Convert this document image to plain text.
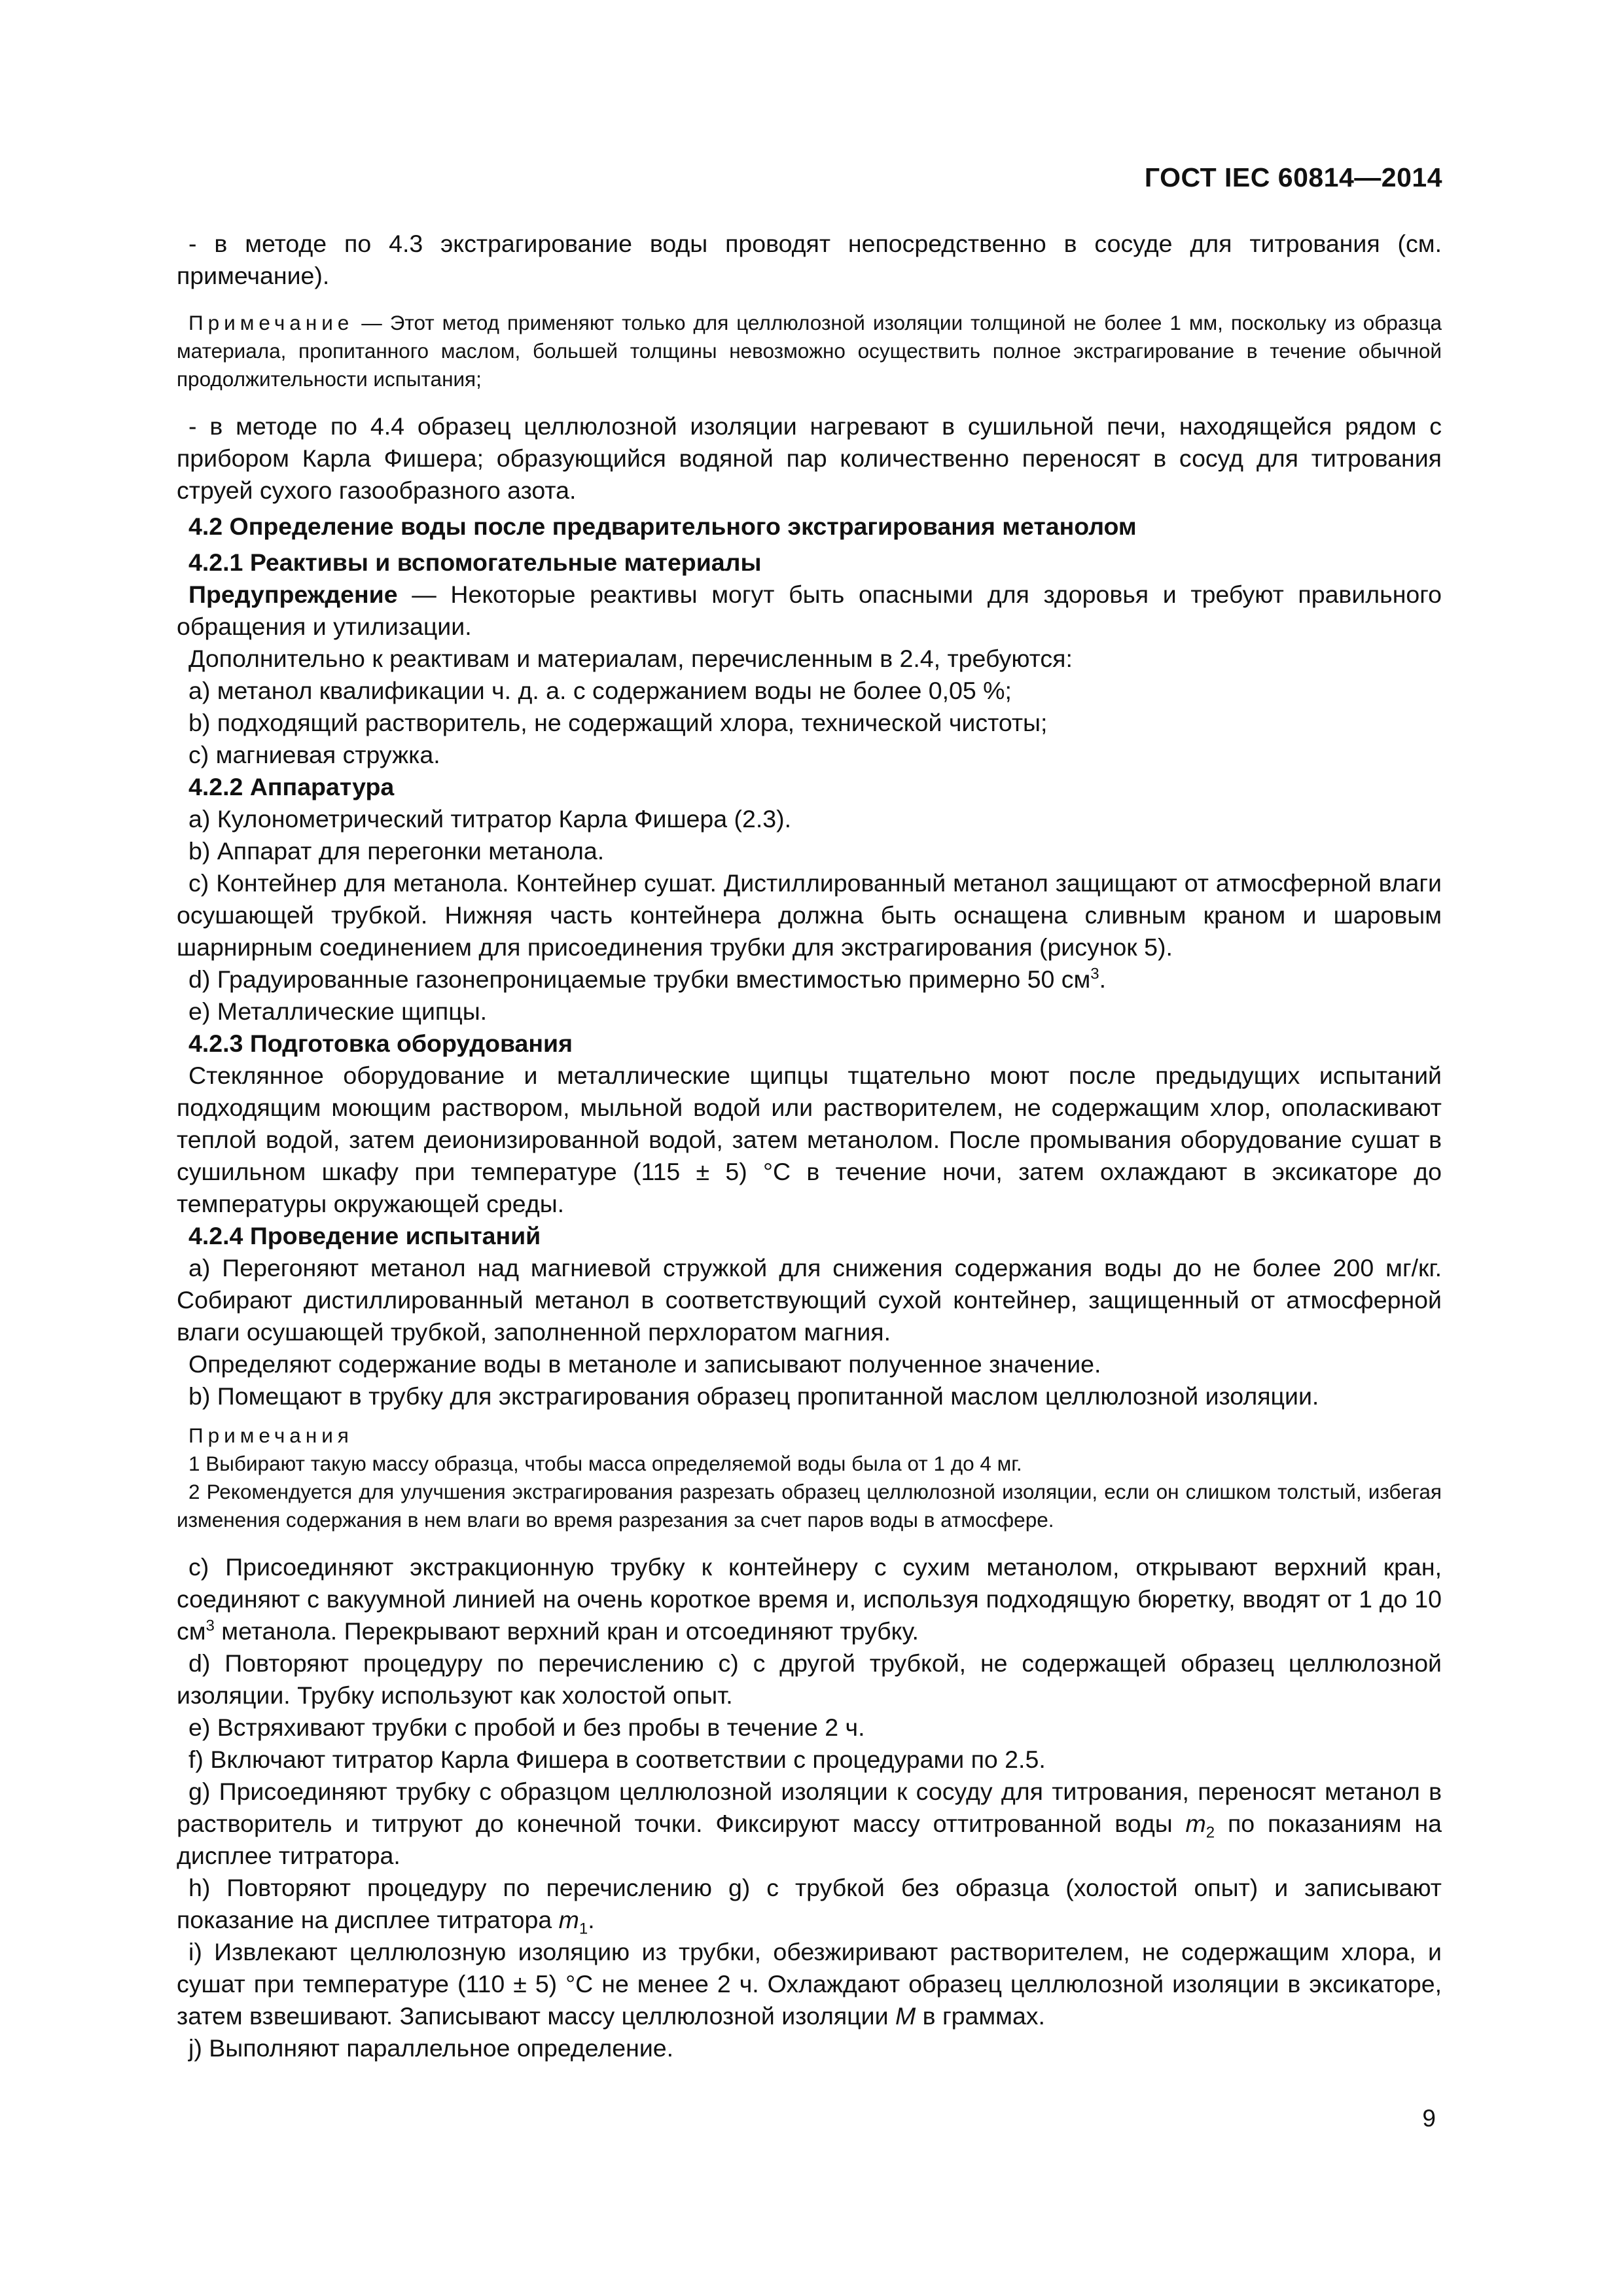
ГОСТ IEC 60814—2014

- в методе по 4.3 экстрагирование воды проводят непосредственно в сосуде для титрования (см. примечание).

Примечание — Этот метод применяют только для целлюлозной изоляции толщиной не более 1 мм, поскольку из образца материала, пропитанного маслом, большей толщины невозможно осуществить полное экстрагирование в течение обычной продолжительности испытания;

- в методе по 4.4 образец целлюлозной изоляции нагревают в сушильной печи, находящейся рядом с прибором Карла Фишера; образующийся водяной пар количественно переносят в сосуд для титрования струей сухого газообразного азота.

4.2 Определение воды после предварительного экстрагирования метанолом

4.2.1 Реактивы и вспомогательные материалы

Предупреждение — Некоторые реактивы могут быть опасными для здоровья и требуют правильного обращения и утилизации.

Дополнительно к реактивам и материалам, перечисленным в 2.4, требуются:

a) метанол квалификации ч. д. а. с содержанием воды не более 0,05 %;

b) подходящий растворитель, не содержащий хлора, технической чистоты;

c) магниевая стружка.

4.2.2 Аппаратура

a) Кулонометрический титратор Карла Фишера (2.3).

b) Аппарат для перегонки метанола.

c) Контейнер для метанола. Контейнер сушат. Дистиллированный метанол защищают от атмосферной влаги осушающей трубкой. Нижняя часть контейнера должна быть оснащена сливным краном и шаровым шарнирным соединением для присоединения трубки для экстрагирования (рисунок 5).

d) Градуированные газонепроницаемые трубки вместимостью примерно 50 $см^3$.

e) Металлические щипцы.

4.2.3 Подготовка оборудования

Стеклянное оборудование и металлические щипцы тщательно моют после предыдущих испытаний подходящим моющим раствором, мыльной водой или растворителем, не содержащим хлор, ополаскивают теплой водой, затем деионизированной водой, затем метанолом. После промывания оборудование сушат в сушильном шкафу при температуре (115 ± 5) °С в течение ночи, затем охлаждают в эксикаторе до температуры окружающей среды.

4.2.4 Проведение испытаний

a) Перегоняют метанол над магниевой стружкой для снижения содержания воды до не более 200 мг/кг. Собирают дистиллированный метанол в соответствующий сухой контейнер, защищенный от атмосферной влаги осушающей трубкой, заполненной перхлоратом магния.

Определяют содержание воды в метаноле и записывают полученное значение.

b) Помещают в трубку для экстрагирования образец пропитанной маслом целлюлозной изоляции.

Примечания

1 Выбирают такую массу образца, чтобы масса определяемой воды была от 1 до 4 мг.

2 Рекомендуется для улучшения экстрагирования разрезать образец целлюлозной изоляции, если он слишком толстый, избегая изменения содержания в нем влаги во время разрезания за счет паров воды в атмосфере.

c) Присоединяют экстракционную трубку к контейнеру с сухим метанолом, открывают верхний кран, соединяют с вакуумной линией на очень короткое время и, используя подходящую бюретку, вводят от 1 до 10 $см^3$ метанола. Перекрывают верхний кран и отсоединяют трубку.

d) Повторяют процедуру по перечислению с) с другой трубкой, не содержащей образец целлюлозной изоляции. Трубку используют как холостой опыт.

e) Встряхивают трубки с пробой и без пробы в течение 2 ч.

f) Включают титратор Карла Фишера в соответствии с процедурами по 2.5.

g) Присоединяют трубку с образцом целлюлозной изоляции к сосуду для титрования, переносят метанол в растворитель и титруют до конечной точки. Фиксируют массу оттитрованной воды $m_2$ по показаниям на дисплее титратора.

h) Повторяют процедуру по перечислению g) с трубкой без образца (холостой опыт) и записывают показание на дисплее титратора $m_1$.

i) Извлекают целлюлозную изоляцию из трубки, обезжиривают растворителем, не содержащим хлора, и сушат при температуре (110 ± 5) °С не менее 2 ч. Охлаждают образец целлюлозной изоляции в эксикаторе, затем взвешивают. Записывают массу целлюлозной изоляции M в граммах.

j) Выполняют параллельное определение.

9
